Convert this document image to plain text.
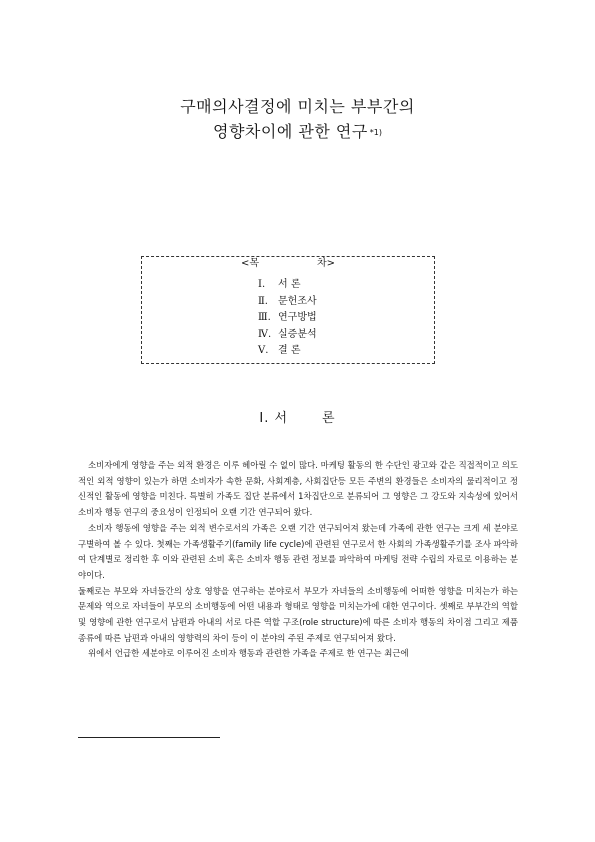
구매의사결정에 미치는 부부간의
영향차이에 관한 연구 *1)
<목	차>
Ⅰ. 서 론
Ⅱ. 문헌조사
Ⅲ. 연구방법
Ⅳ. 실증분석
Ⅴ. 결 론
Ⅰ. 서	론

소비자에게 영향을 주는 외적 환경은 이루 헤아릴 수 없이 많다. 마케팅 활동의 한 수단인 광고와 같은 직접적이고 의도적인 외적 영향이 있는가 하면 소비자가 속한 문화, 사회계층, 사회집단등 모든 주변의 환경들은 소비자의 물리적이고 정신적인 활동에 영향을 미친다. 특별히 가족도 집단 분류에서 1차집단으로 분류되어 그 영향은 그 강도와 지속성에 있어서 소비자 행동 연구의 중요성이 인정되어 오랜 기간 연구되어 왔다.

소비자 행동에 영향을 주는 외적 변수로서의 가족은 오랜 기간 연구되어져 왔는데 가족에 관한 연구는 크게 세 분야로 구별하여 볼 수 있다. 첫째는 가족생활주기(family life cycle)에 관련된 연구로서 한 사회의 가족생활주기를 조사 파악하여 단계별로 정리한 후 이와 관련된 소비 혹은 소비자 행동 관련 정보를 파악하여 마케팅 전략 수립의 자료로 이용하는 분야이다.

둘째로는 부모와 자녀들간의 상호 영향을 연구하는 분야로서 부모가 자녀들의 소비행동에 어떠한 영향을 미치는가 하는 문제와 역으로 자녀들이 부모의 소비행동에 어떤 내용과 형태로 영향을 미치는가에 대한 연구이다. 셋째로 부부간의 역할 및 영향에 관한 연구로서 남편과 아내의 서로 다른 역할 구조(role structure)에 따른 소비자 행동의 차이점 그리고 제품 종류에 따른 남편과 아내의 영향력의 차이 등이 이 분야의 주된 주제로 연구되어져 왔다.

위에서 언급한 세분야로 이루어진 소비자 행동과 관련한 가족을 주제로 한 연구는 최근에
